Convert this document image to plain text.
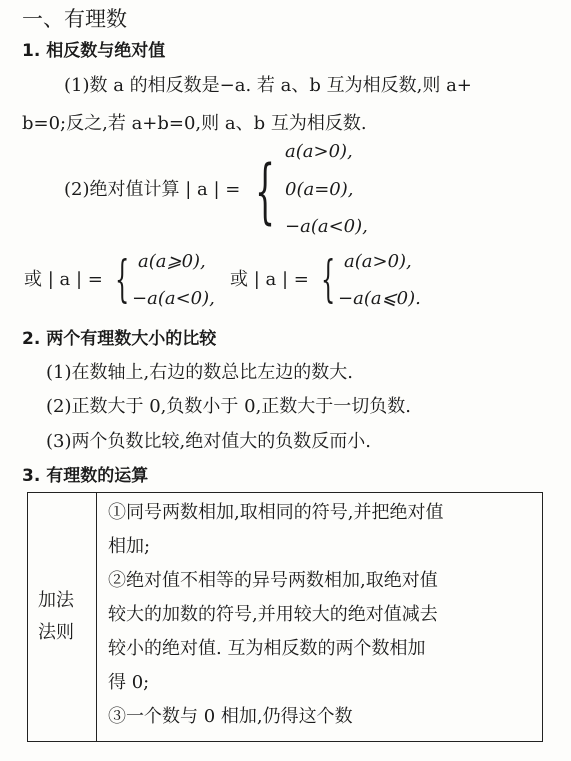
一、有理数
1. 相反数与绝对值
(1)数 a 的相反数是−a. 若 a、b 互为相反数,则 a+
b=0;反之,若 a+b=0,则 a、b 互为相反数.
(2)绝对值计算 | a | = { a(a>0),
0(a=0),
−a(a<0),
或 | a | = { a(a⩾0),
−a(a<0),
或 | a | = { a(a>0),
−a(a⩽0).
2. 两个有理数大小的比较
(1)在数轴上,右边的数总比左边的数大.
(2)正数大于 0,负数小于 0,正数大于一切负数.
(3)两个负数比较,绝对值大的负数反而小.
3. 有理数的运算
加法
法则
①同号两数相加,取相同的符号,并把绝对值
相加;
②绝对值不相等的异号两数相加,取绝对值
较大的加数的符号,并用较大的绝对值减去
较小的绝对值. 互为相反数的两个数相加
得 0;
③一个数与 0 相加,仍得这个数
